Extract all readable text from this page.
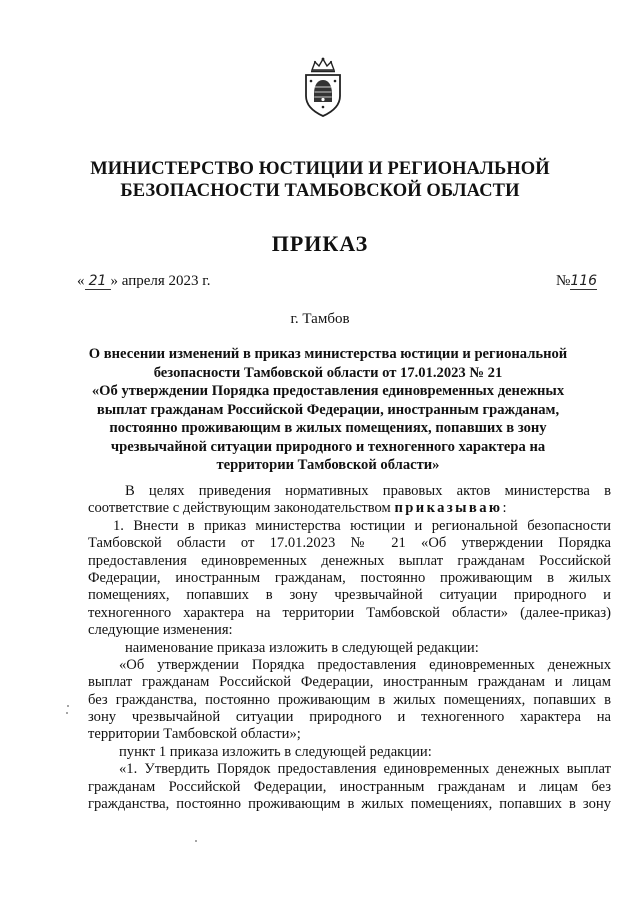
МИНИСТЕРСТВО ЮСТИЦИИ И РЕГИОНАЛЬНОЙ
БЕЗОПАСНОСТИ ТАМБОВСКОЙ ОБЛАСТИ
ПРИКАЗ
« 21 » апреля 2023 г.	№116
г. Тамбов
О внесении изменений в приказ министерства юстиции и региональной
безопасности Тамбовской области от 17.01.2023 № 21
«Об утверждении Порядка предоставления единовременных денежных
выплат гражданам Российской Федерации, иностранным гражданам,
постоянно проживающим в жилых помещениях, попавших в зону
чрезвычайной ситуации природного и техногенного характера на
территории Тамбовской области»
В целях приведения нормативных правовых актов министерства в
соответствие с действующим законодательством приказываю:
1. Внести в приказ министерства юстиции и региональной безопасности
Тамбовской области от 17.01.2023 № 21 «Об утверждении Порядка
предоставления единовременных денежных выплат гражданам Российской
Федерации, иностранным гражданам, постоянно проживающим в жилых
помещениях, попавших в зону чрезвычайной ситуации природного и
техногенного характера на территории Тамбовской области» (далее-приказ)
следующие изменения:
наименование приказа изложить в следующей редакции:
«Об утверждении Порядка предоставления единовременных денежных
выплат гражданам Российской Федерации, иностранным гражданам и лицам
без гражданства, постоянно проживающим в жилых помещениях, попавших в
зону чрезвычайной ситуации природного и техногенного характера на
территории Тамбовской области»;
пункт 1 приказа изложить в следующей редакции:
«1. Утвердить Порядок предоставления единовременных денежных выплат
гражданам Российской Федерации, иностранным гражданам и лицам без
гражданства, постоянно проживающим в жилых помещениях, попавших в зону
